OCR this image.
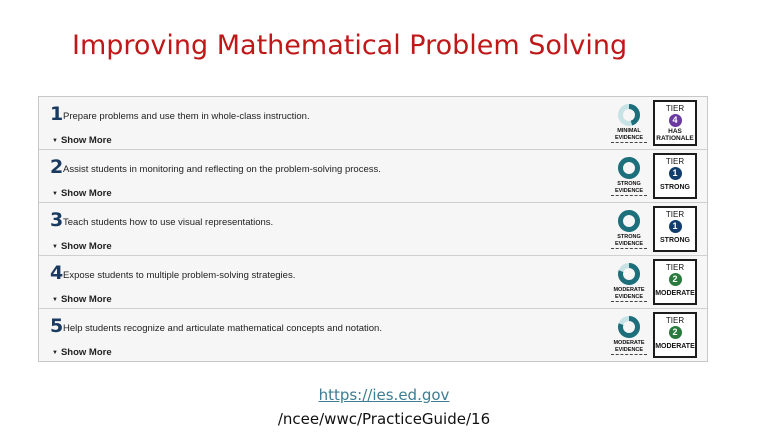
Improving Mathematical Problem Solving
1 Prepare problems and use them in whole-class instruction.
▼ Show More
MINIMAL
EVIDENCE
TIER
4
HAS
RATIONALE
2 Assist students in monitoring and reflecting on the problem-solving process.
▼ Show More
STRONG
EVIDENCE
TIER
1
STRONG
3 Teach students how to use visual representations.
▼ Show More
STRONG
EVIDENCE
TIER
1
STRONG
4 Expose students to multiple problem-solving strategies.
▼ Show More
MODERATE
EVIDENCE
TIER
2
MODERATE
5 Help students recognize and articulate mathematical concepts and notation.
▼ Show More
MODERATE
EVIDENCE
TIER
2
MODERATE
https://ies.ed.gov
/ncee/wwc/PracticeGuide/16
